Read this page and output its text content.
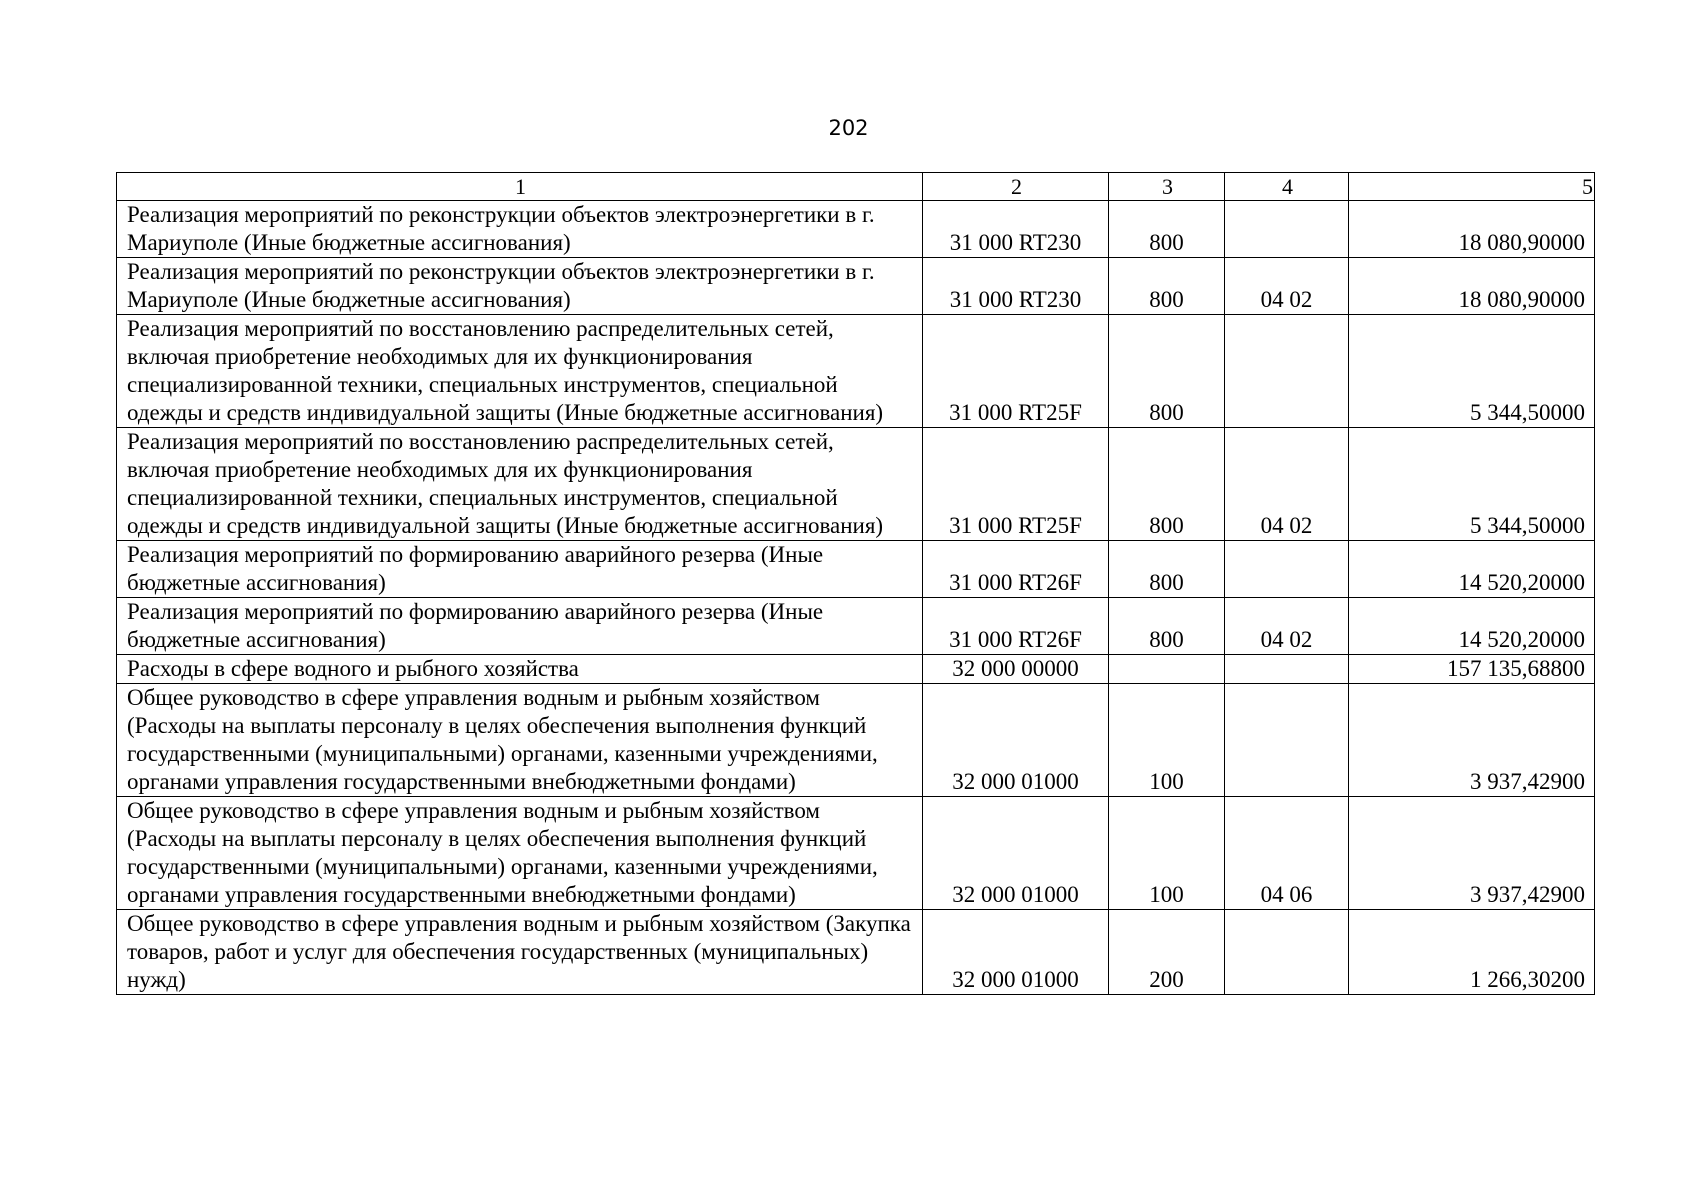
202
1	2	3	4	5
Реализация мероприятий по реконструкции объектов электроэнергетики в г. Мариуполе (Иные бюджетные ассигнования)	31 000 RT230	800		18 080,90000
Реализация мероприятий по реконструкции объектов электроэнергетики в г. Мариуполе (Иные бюджетные ассигнования)	31 000 RT230	800	04 02	18 080,90000
Реализация мероприятий по восстановлению распределительных сетей, включая приобретение необходимых для их функционирования специализированной техники, специальных инструментов, специальной одежды и средств индивидуальной защиты (Иные бюджетные ассигнования)	31 000 RT25F	800		5 344,50000
Реализация мероприятий по восстановлению распределительных сетей, включая приобретение необходимых для их функционирования специализированной техники, специальных инструментов, специальной одежды и средств индивидуальной защиты (Иные бюджетные ассигнования)	31 000 RT25F	800	04 02	5 344,50000
Реализация мероприятий по формированию аварийного резерва (Иные бюджетные ассигнования)	31 000 RT26F	800		14 520,20000
Реализация мероприятий по формированию аварийного резерва (Иные бюджетные ассигнования)	31 000 RT26F	800	04 02	14 520,20000
Расходы в сфере водного и рыбного хозяйства	32 000 00000			157 135,68800
Общее руководство в сфере управления водным и рыбным хозяйством (Расходы на выплаты персоналу в целях обеспечения выполнения функций государственными (муниципальными) органами, казенными учреждениями, органами управления государственными внебюджетными фондами)	32 000 01000	100		3 937,42900
Общее руководство в сфере управления водным и рыбным хозяйством (Расходы на выплаты персоналу в целях обеспечения выполнения функций государственными (муниципальными) органами, казенными учреждениями, органами управления государственными внебюджетными фондами)	32 000 01000	100	04 06	3 937,42900
Общее руководство в сфере управления водным и рыбным хозяйством (Закупка товаров, работ и услуг для обеспечения государственных (муниципальных) нужд)	32 000 01000	200		1 266,30200
